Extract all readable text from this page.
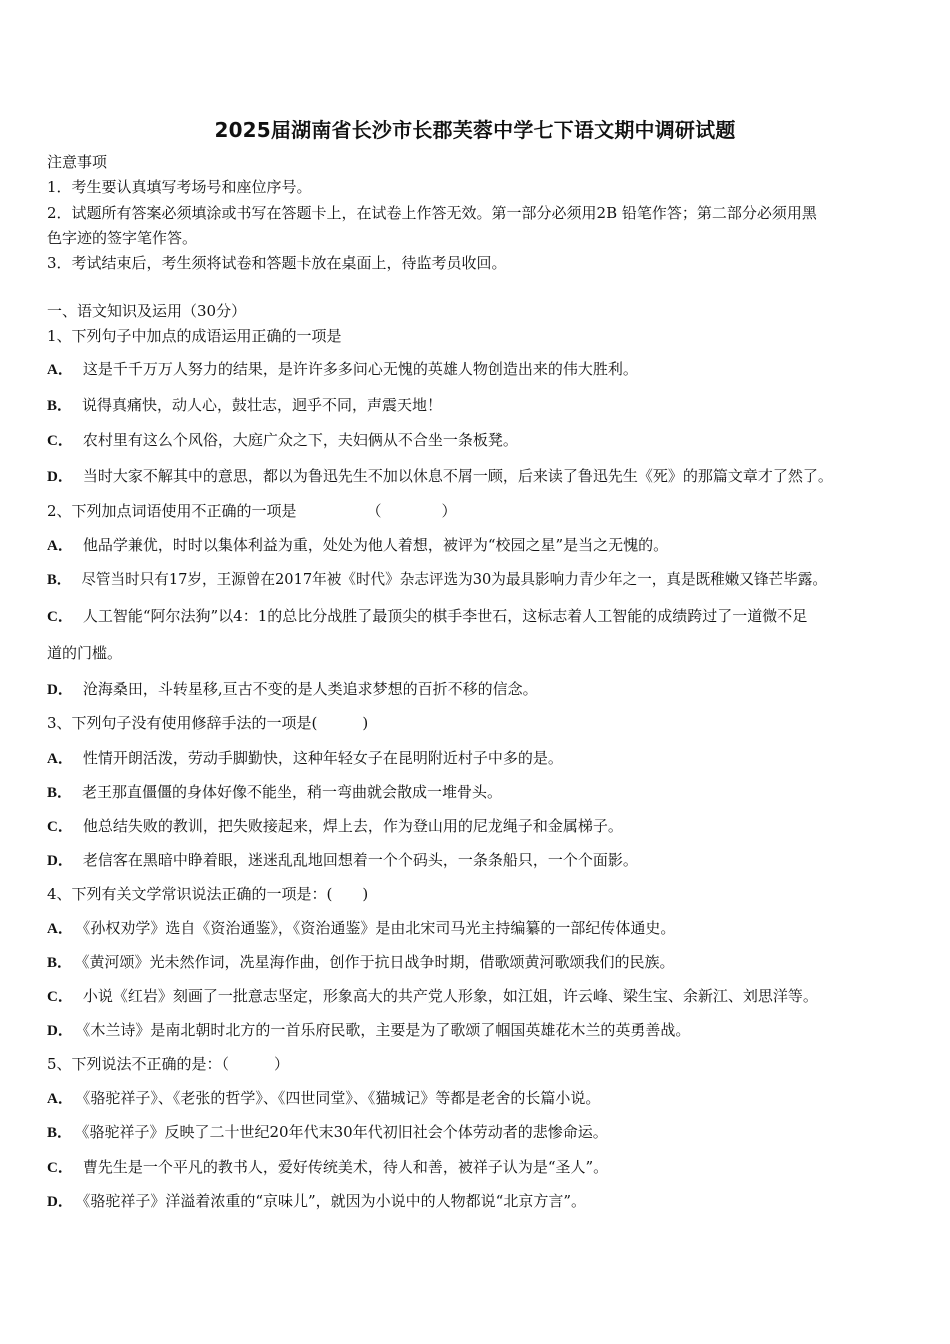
2025届湖南省长沙市长郡芙蓉中学七下语文期中调研试题
注意事项
1．考生要认真填写考场号和座位序号。
2．试题所有答案必须填涂或书写在答题卡上，在试卷上作答无效。第一部分必须用2B 铅笔作答；第二部分必须用黑
色字迹的签字笔作答。
3．考试结束后，考生须将试卷和答题卡放在桌面上，待监考员收回。
一、语文知识及运用（30分）
1、下列句子中加点的成语运用正确的一项是
A． 这是千千万万人努力的结果，是许许多多问心无愧的英雄人物创造出来的伟大胜利。
B． 说得真痛快，动人心，鼓壮志，迥乎不同，声震天地！
C． 农村里有这么个风俗，大庭广众之下，夫妇俩从不合坐一条板凳。
D． 当时大家不解其中的意思，都以为鲁迅先生不加以休息不屑一顾，后来读了鲁迅先生《死》的那篇文章才了然了。
2、下列加点词语使用不正确的一项是	（　　　　）
A． 他品学兼优，时时以集体利益为重，处处为他人着想，被评为“校园之星”是当之无愧的。
B． 尽管当时只有17岁，王源曾在2017年被《时代》杂志评选为30为最具影响力青少年之一，真是既稚嫩又锋芒毕露。
C． 人工智能“阿尔法狗”以4：1的总比分战胜了最顶尖的棋手李世石，这标志着人工智能的成绩跨过了一道微不足
道的门槛。
D． 沧海桑田，斗转星移,亘古不变的是人类追求梦想的百折不移的信念。
3、下列句子没有使用修辞手法的一项是(　　　)
A． 性情开朗活泼，劳动手脚勤快，这种年轻女子在昆明附近村子中多的是。
B． 老王那直僵僵的身体好像不能坐，稍一弯曲就会散成一堆骨头。
C． 他总结失败的教训，把失败接起来，焊上去，作为登山用的尼龙绳子和金属梯子。
D． 老信客在黑暗中睁着眼，迷迷乱乱地回想着一个个码头，一条条船只，一个个面影。
4、下列有关文学常识说法正确的一项是：(　　)
A． 《孙权劝学》选自《资治通鉴》，《资治通鉴》是由北宋司马光主持编纂的一部纪传体通史。
B． 《黄河颂》光未然作词，冼星海作曲，创作于抗日战争时期，借歌颂黄河歌颂我们的民族。
C． 小说《红岩》刻画了一批意志坚定，形象高大的共产党人形象，如江姐，许云峰、梁生宝、余新江、刘思洋等。
D． 《木兰诗》是南北朝时北方的一首乐府民歌，主要是为了歌颂了帼国英雄花木兰的英勇善战。
5、下列说法不正确的是：（　　　）
A． 《骆驼祥子》、《老张的哲学》、《四世同堂》、《猫城记》等都是老舍的长篇小说。
B． 《骆驼祥子》反映了二十世纪20年代末30年代初旧社会个体劳动者的悲惨命运。
C． 曹先生是一个平凡的教书人，爱好传统美术，待人和善，被祥子认为是“圣人”。
D． 《骆驼祥子》洋溢着浓重的“京味儿”，就因为小说中的人物都说“北京方言”。
